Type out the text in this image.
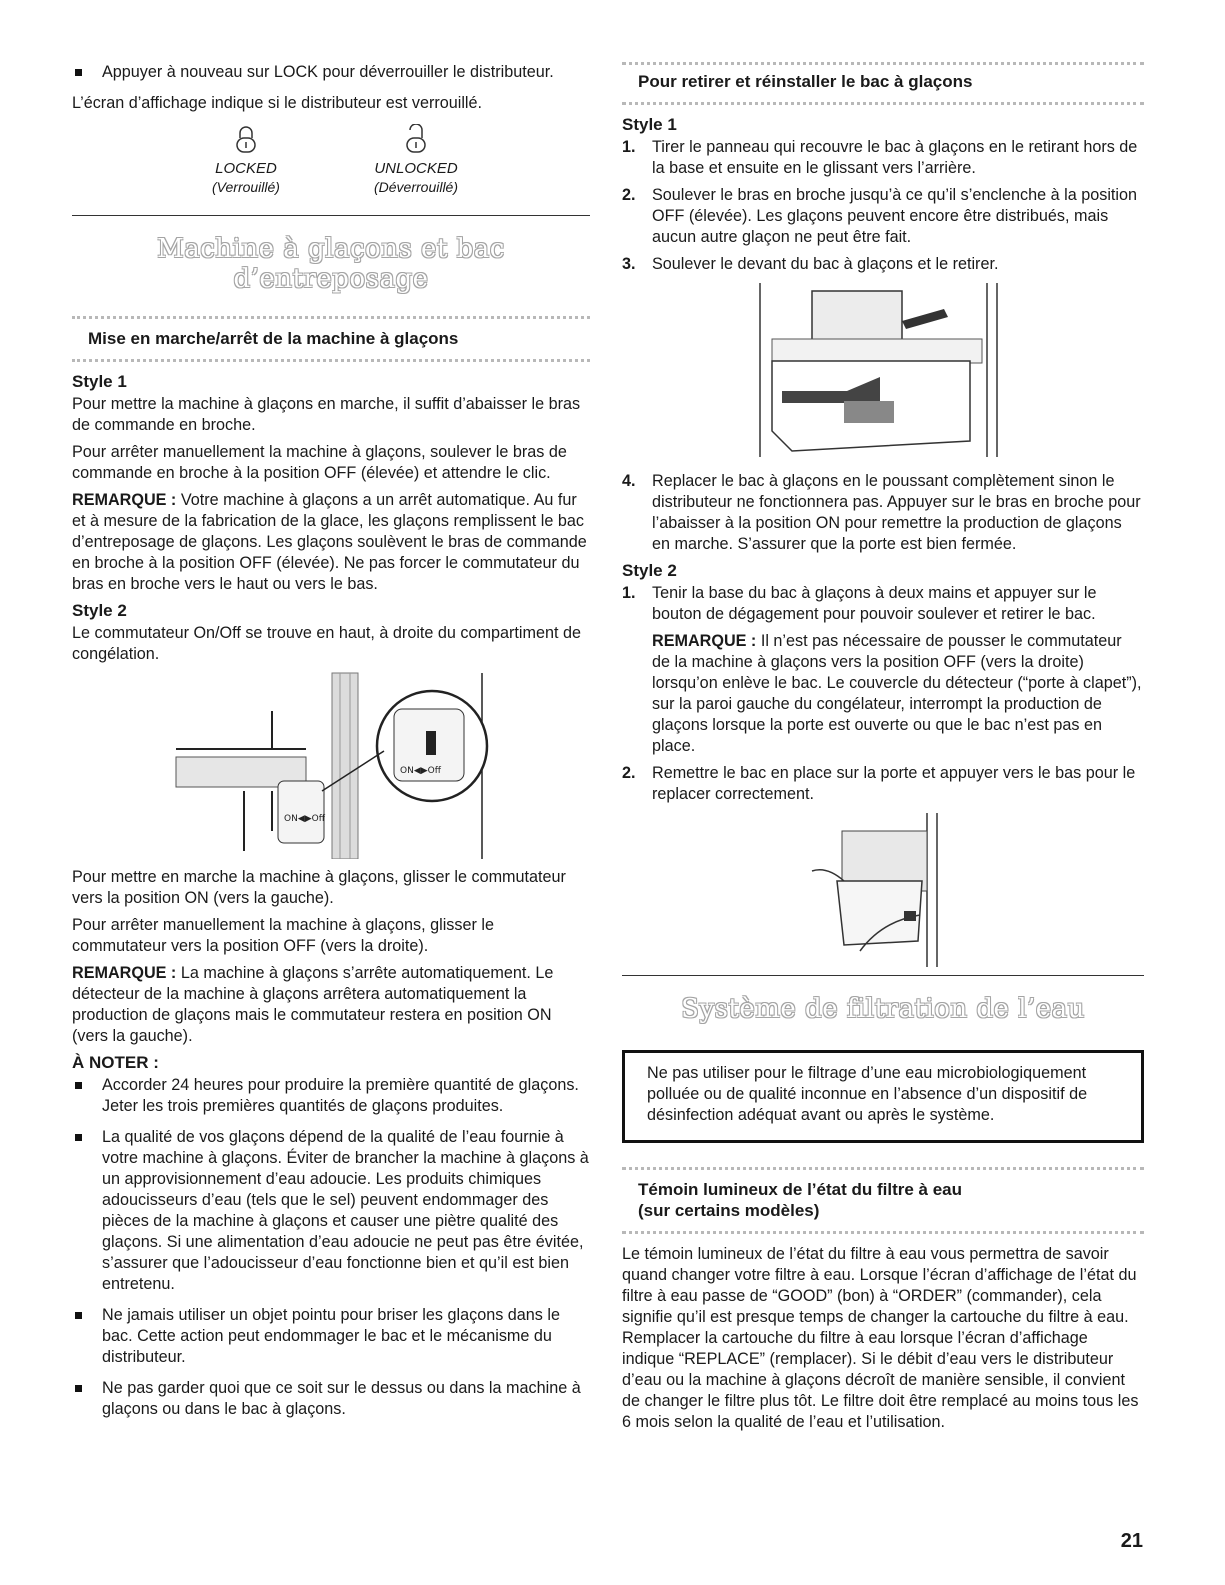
Appuyer à nouveau sur LOCK pour déverrouiller le distributeur.

L’écran d’affichage indique si le distributeur est verrouillé.

LOCKED
(Verrouillé)
UNLOCKED
(Déverrouillé)
Machine à glaçons et bac d’entreposage
Mise en marche/arrêt de la machine à glaçons
Style 1

Pour mettre la machine à glaçons en marche, il suffit d’abaisser le bras de commande en broche.

Pour arrêter manuellement la machine à glaçons, soulever le bras de commande en broche à la position OFF (élevée) et attendre le clic.

REMARQUE : Votre machine à glaçons a un arrêt automatique. Au fur et à mesure de la fabrication de la glace, les glaçons remplissent le bac d’entreposage de glaçons. Les glaçons soulèvent le bras de commande en broche à la position OFF (élevée). Ne pas forcer le commutateur du bras en broche vers le haut ou vers le bas.

Style 2

Le commutateur On/Off se trouve en haut, à droite du compartiment de congélation.

ON◀▶Off
ON◀▶Off

Pour mettre en marche la machine à glaçons, glisser le commutateur vers la position ON (vers la gauche).

Pour arrêter manuellement la machine à glaçons, glisser le commutateur vers la position OFF (vers la droite).

REMARQUE : La machine à glaçons s’arrête automatiquement. Le détecteur de la machine à glaçons arrêtera automatiquement la production de glaçons mais le commutateur restera en position ON (vers la gauche).

À NOTER :
Accorder 24 heures pour produire la première quantité de glaçons. Jeter les trois premières quantités de glaçons produites.
La qualité de vos glaçons dépend de la qualité de l’eau fournie à votre machine à glaçons. Éviter de brancher la machine à glaçons à un approvisionnement d’eau adoucie. Les produits chimiques adoucisseurs d’eau (tels que le sel) peuvent endommager des pièces de la machine à glaçons et causer une piètre qualité des glaçons. Si une alimentation d’eau adoucie ne peut pas être évitée, s’assurer que l’adoucisseur d’eau fonctionne bien et qu’il est bien entretenu.
Ne jamais utiliser un objet pointu pour briser les glaçons dans le bac. Cette action peut endommager le bac et le mécanisme du distributeur.
Ne pas garder quoi que ce soit sur le dessus ou dans la machine à glaçons ou dans le bac à glaçons.
Pour retirer et réinstaller le bac à glaçons
Style 1
1. Tirer le panneau qui recouvre le bac à glaçons en le retirant hors de la base et ensuite en le glissant vers l’arrière.
2. Soulever le bras en broche jusqu’à ce qu’il s’enclenche à la position OFF (élevée). Les glaçons peuvent encore être distribués, mais aucun autre glaçon ne peut être fait.
3. Soulever le devant du bac à glaçons et le retirer.
4. Replacer le bac à glaçons en le poussant complètement sinon le distributeur ne fonctionnera pas. Appuyer sur le bras en broche pour l’abaisser à la position ON pour remettre la production de glaçons en marche. S’assurer que la porte est bien fermée.
Style 2
1. Tenir la base du bac à glaçons à deux mains et appuyer sur le bouton de dégagement pour pouvoir soulever et retirer le bac.

REMARQUE : Il n’est pas nécessaire de pousser le commutateur de la machine à glaçons vers la position OFF (vers la droite) lorsqu’on enlève le bac. Le couvercle du détecteur (“porte à clapet”), sur la paroi gauche du congélateur, interrompt la production de glaçons lorsque la porte est ouverte ou que le bac n’est pas en place.

2. Remettre le bac en place sur la porte et appuyer vers le bas pour le replacer correctement.
Système de filtration de l’eau
Ne pas utiliser pour le filtrage d’une eau microbiologiquement polluée ou de qualité inconnue en l’absence d’un dispositif de désinfection adéquat avant ou après le système.
Témoin lumineux de l’état du filtre à eau
(sur certains modèles)

Le témoin lumineux de l’état du filtre à eau vous permettra de savoir quand changer votre filtre à eau. Lorsque l’écran d’affichage de l’état du filtre à eau passe de “GOOD” (bon) à “ORDER” (commander), cela signifie qu’il est presque temps de changer la cartouche du filtre à eau. Remplacer la cartouche du filtre à eau lorsque l’écran d’affichage indique “REPLACE” (remplacer). Si le débit d’eau vers le distributeur d’eau ou la machine à glaçons décroît de manière sensible, il convient de changer le filtre plus tôt. Le filtre doit être remplacé au moins tous les 6 mois selon la qualité de l’eau et l’utilisation.

21
